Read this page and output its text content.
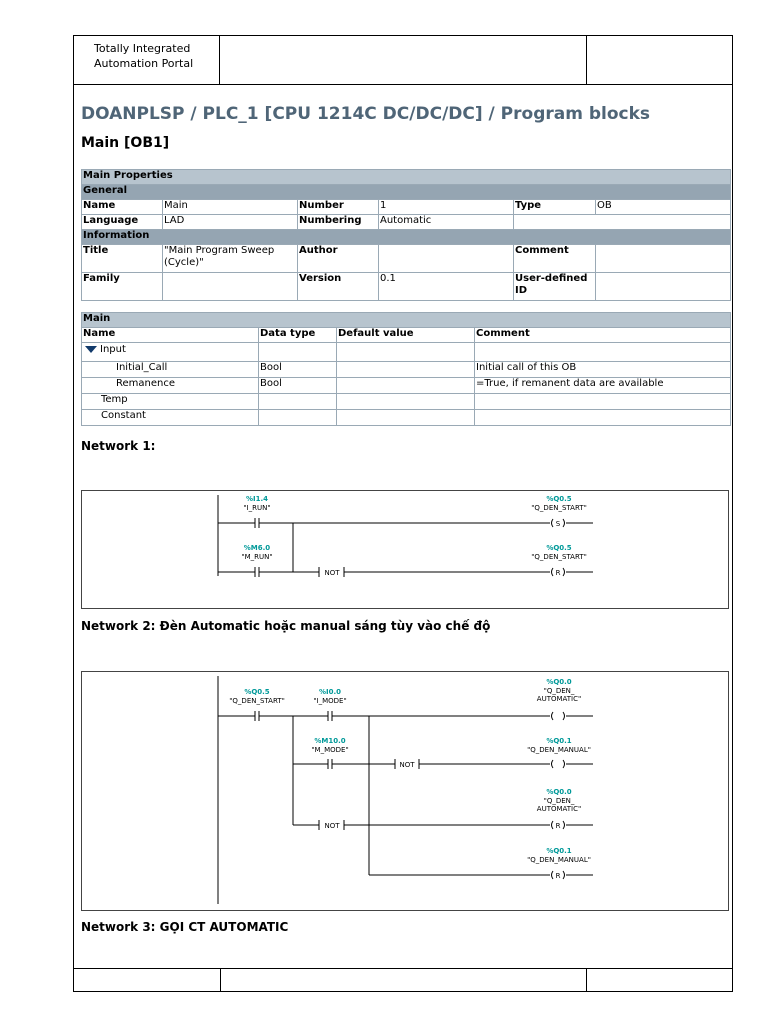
Totally Integrated
Automation Portal
DOANPLSP / PLC_1 [CPU 1214C DC/DC/DC] / Program blocks
Main [OB1]
Main Properties					
General					
Name	Main	Number	1	Type	OB
Language	LAD	Numbering	Automatic		
Information					
Title	"Main Program Sweep (Cycle)"	Author		Comment	
Family		Version	0.1	User-defined ID	
Main			
Name	Data type	Default value	Comment
Input			
Initial_Call	Bool		Initial call of this OB
Remanence	Bool		=True, if remanent data are available
Temp			
Constant			
Network 1:
%I1.4
%M6.0
%Q0.5
%Q0.5
"I_RUN"
"M_RUN"
"Q_DEN_START"
"Q_DEN_START"
NOT
S
R
Network 2: Đèn Automatic hoặc manual sáng tùy vào chế độ
%Q0.5	%I0.0
%M10.0
%Q0.0
%Q0.1
%Q0.0
%Q0.1
"Q_DEN_START"	"I_MODE"
"M_MODE"
"Q_DEN_
AUTOMATIC"
"Q_DEN_MANUAL"
"Q_DEN_
AUTOMATIC"
"Q_DEN_MANUAL"
NOT
NOT	R
R
Network 3: GỌI CT AUTOMATIC
